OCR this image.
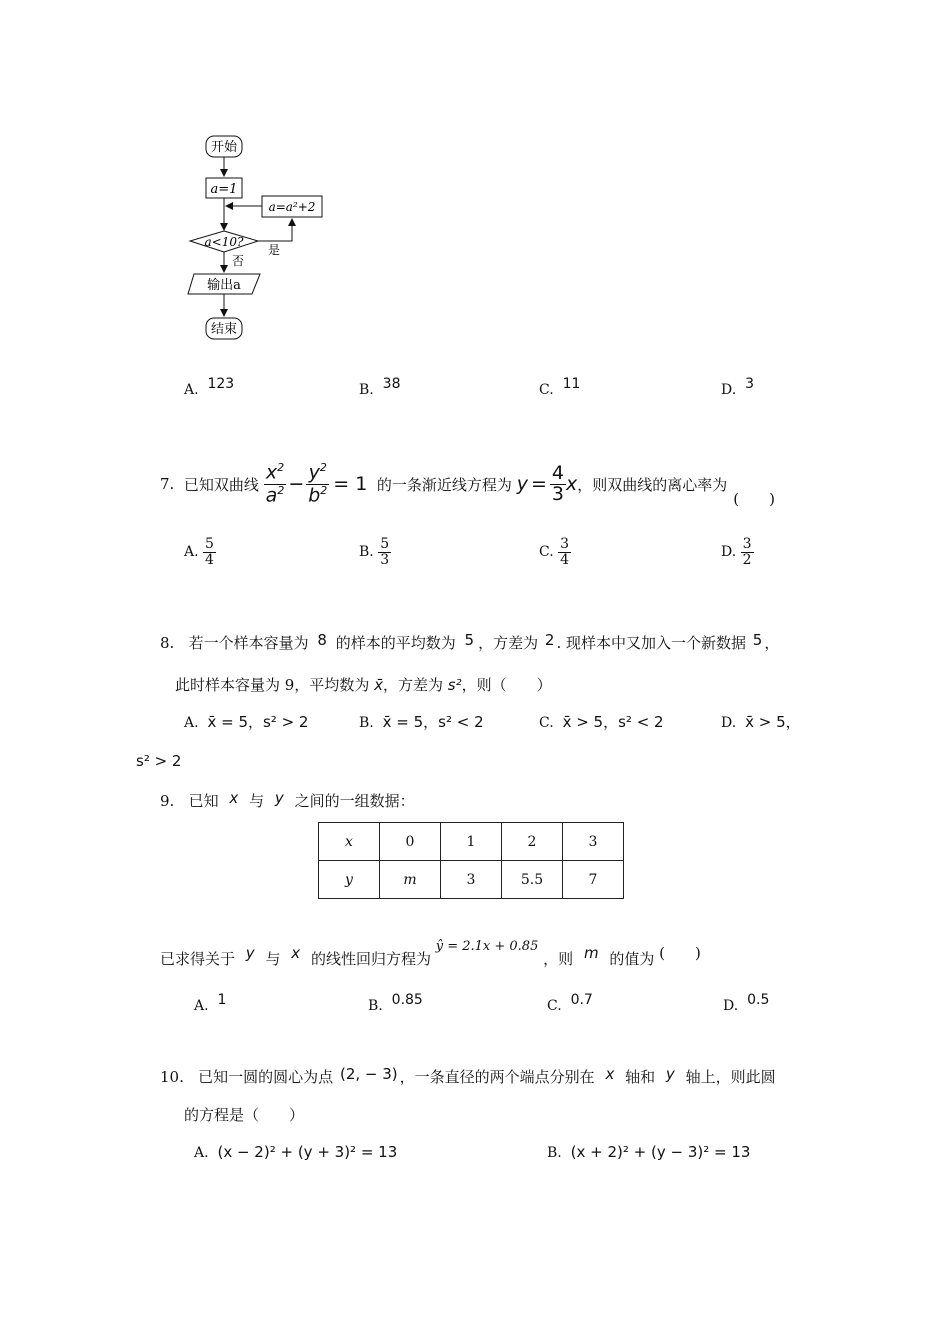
开始
a=1
a=a²+2
a<10?
是
否
输出a
结束
A. 123	B. 38	C. 11	D. 3
7.
已知双曲线
$\frac{x^2}{a^2} - \frac{y^2}{b^2} = 1$
的一条渐近线方程为
$y = \frac{4}{3}$ x ，则双曲线的离心率为
(　　)
A.
$\frac{5}{4}$	B.
$\frac{5}{3}$	C.
$\frac{3}{4}$	D.
$\frac{3}{2}$
8. 若一个样本容量为 8 的样本的平均数为 5 ，方差为 2 . 现样本中又加入一个新数据 5 ，
此时样本容量为 9，平均数为 x̄，方差为 s²，则（　　）
A. x̄ = 5，s² > 2	B. x̄ = 5，s² < 2	C. x̄ > 5，s² < 2	D. x̄ > 5，
s² > 2
9. 已知 x 与 y 之间的一组数据：
x	0	1	2	3
y	m	3	5.5	7
已求得关于 y 与 x 的线性回归方程为 ŷ = 2.1x + 0.85 ，则 m 的值为 (　　)
A. 1	B. 0.85	C. 0.7	D. 0.5
10. 已知一圆的圆心为点 (2, − 3) ，一条直径的两个端点分别在 x 轴和 y 轴上，则此圆
的方程是（　　）
A. (x − 2)² + (y + 3)² = 13	B. (x + 2)² + (y − 3)² = 13
